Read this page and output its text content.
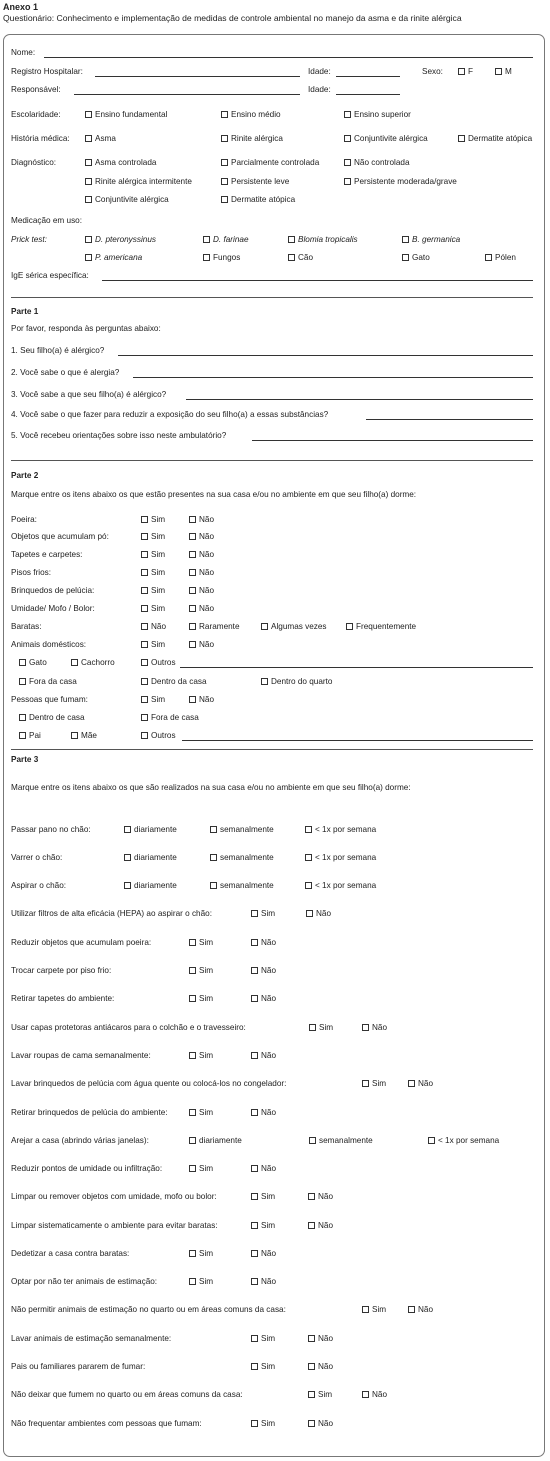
Anexo 1
Questionário: Conhecimento e implementação de medidas de controle ambiental no manejo da asma e da rinite alérgica
Nome:
Registro Hospitalar:	Idade:	Sexo:	F	M
Responsável:	Idade:
Escolaridade:	Ensino fundamental	Ensino médio	Ensino superior
História médica:	Asma	Rinite alérgica	Conjuntivite alérgica	Dermatite atópica
Diagnóstico:	Asma controlada	Parcialmente controlada	Não controlada
Rinite alérgica intermitente	Persistente leve	Persistente moderada/grave
Conjuntivite alérgica	Dermatite atópica
Medicação em uso:
Prick test:	D. pteronyssinus	D. farinae	Blomia tropicalis	B. germanica
P. americana	Fungos	Cão	Gato	Pólen
IgE sérica específica:
Parte 1
Por favor, responda às perguntas abaixo:
1. Seu filho(a) é alérgico?
2. Você sabe o que é alergia?
3. Você sabe a que seu filho(a) é alérgico?
4. Você sabe o que fazer para reduzir a exposição do seu filho(a) a essas substâncias?
5. Você recebeu orientações sobre isso neste ambulatório?
Parte 2
Marque entre os itens abaixo os que estão presentes na sua casa e/ou no ambiente em que seu filho(a) dorme:
Poeira:	Sim	Não
Objetos que acumulam pó:	Sim	Não
Tapetes e carpetes:	Sim	Não
Pisos frios:	Sim	Não
Brinquedos de pelúcia:	Sim	Não
Umidade/ Mofo / Bolor:	Sim	Não
Baratas:	Não	Raramente	Algumas vezes	Frequentemente
Animais domésticos:	Sim	Não
Gato	Cachorro	Outros
Fora da casa	Dentro da casa	Dentro do quarto
Pessoas que fumam:	Sim	Não
Dentro de casa	Fora de casa
Pai	Mãe	Outros
Parte 3
Marque entre os itens abaixo os que são realizados na sua casa e/ou no ambiente em que seu filho(a) dorme:
Passar pano no chão:	diariamente	semanalmente	< 1x por semana
Varrer o chão:	diariamente	semanalmente	< 1x por semana
Aspirar o chão:	diariamente	semanalmente	< 1x por semana
Utilizar filtros de alta eficácia (HEPA) ao aspirar o chão:	Sim	Não
Reduzir objetos que acumulam poeira:	Sim	Não
Trocar carpete por piso frio:	Sim	Não
Retirar tapetes do ambiente:	Sim	Não
Usar capas protetoras antiácaros para o colchão e o travesseiro:	Sim	Não
Lavar roupas de cama semanalmente:	Sim	Não
Lavar brinquedos de pelúcia com água quente ou colocá-los no congelador:	Sim	Não
Retirar brinquedos de pelúcia do ambiente:	Sim	Não
Arejar a casa (abrindo várias janelas):	diariamente	semanalmente	< 1x por semana
Reduzir pontos de umidade ou infiltração:	Sim	Não
Limpar ou remover objetos com umidade, mofo ou bolor:	Sim	Não
Limpar sistematicamente o ambiente para evitar baratas:	Sim	Não
Dedetizar a casa contra baratas:	Sim	Não
Optar por não ter animais de estimação:	Sim	Não
Não permitir animais de estimação no quarto ou em áreas comuns da casa:	Sim	Não
Lavar animais de estimação semanalmente:	Sim	Não
Pais ou familiares pararem de fumar:	Sim	Não
Não deixar que fumem no quarto ou em áreas comuns da casa:	Sim	Não
Não frequentar ambientes com pessoas que fumam:	Sim	Não
